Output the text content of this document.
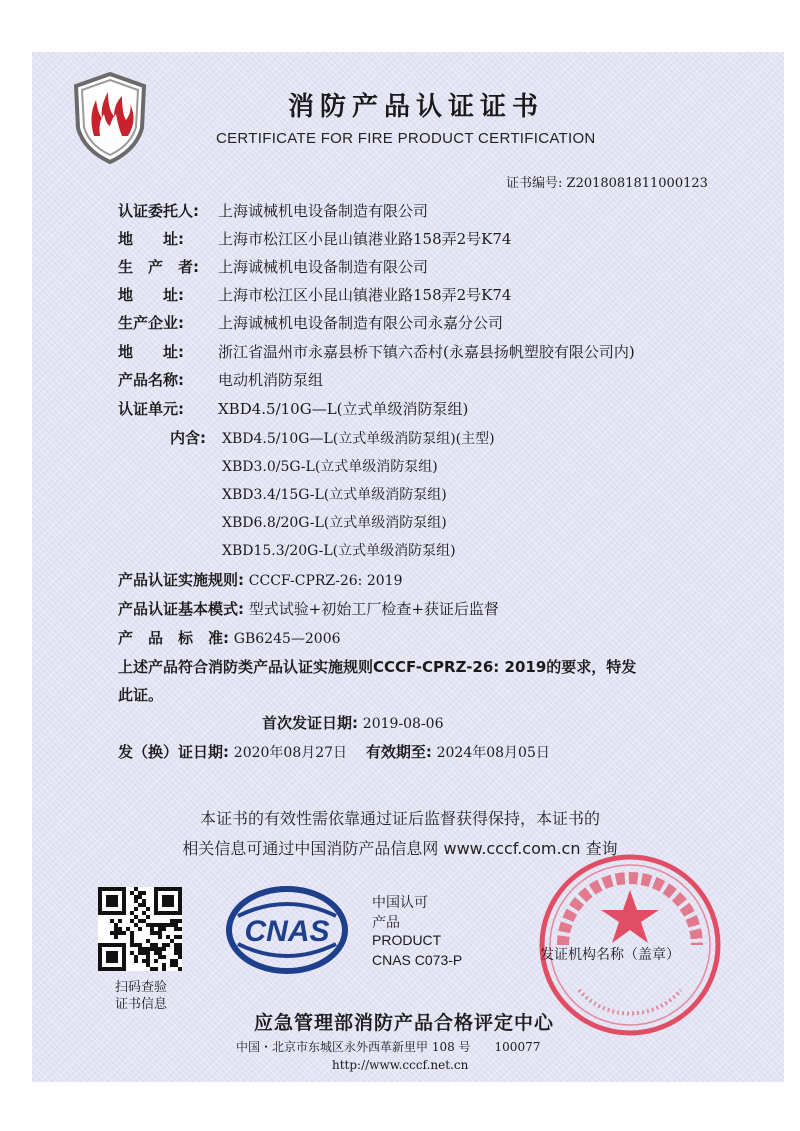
消防产品认证证书
CERTIFICATE FOR FIRE PRODUCT CERTIFICATION
证书编号: Z2018081811000123
认证委托人: 上海诚械机电设备制造有限公司
地　　址: 上海市松江区小昆山镇港业路158弄2号K74
生　产　者: 上海诚械机电设备制造有限公司
地　　址: 上海市松江区小昆山镇港业路158弄2号K74
生产企业: 上海诚械机电设备制造有限公司永嘉分公司
地　　址: 浙江省温州市永嘉县桥下镇六岙村(永嘉县扬帆塑胶有限公司内)
产品名称: 电动机消防泵组
认证单元: XBD4.5/10G—L(立式单级消防泵组)
内含: XBD4.5/10G—L(立式单级消防泵组)(主型)
XBD3.0/5G-L(立式单级消防泵组)
XBD3.4/15G-L(立式单级消防泵组)
XBD6.8/20G-L(立式单级消防泵组)
XBD15.3/20G-L(立式单级消防泵组)
产品认证实施规则: CCCF-CPRZ-26: 2019
产品认证基本模式: 型式试验+初始工厂检查+获证后监督
产　品　标　准: GB6245—2006
上述产品符合消防类产品认证实施规则CCCF-CPRZ-26: 2019的要求，特发
此证。
首次发证日期: 2019-08-06
发（换）证日期: 2020年08月27日 有效期至: 2024年08月05日
本证书的有效性需依靠通过证后监督获得保持，本证书的
相关信息可通过中国消防产品信息网 www.cccf.com.cn 查询
扫码查验
证书信息
CNAS
中国认可
产品
PRODUCT
CNAS C073-P	发证机构名称（盖章）
应急管理部消防产品合格评定中心
中国・北京市东城区永外西革新里甲 108 号　　100077
http://www.cccf.net.cn
